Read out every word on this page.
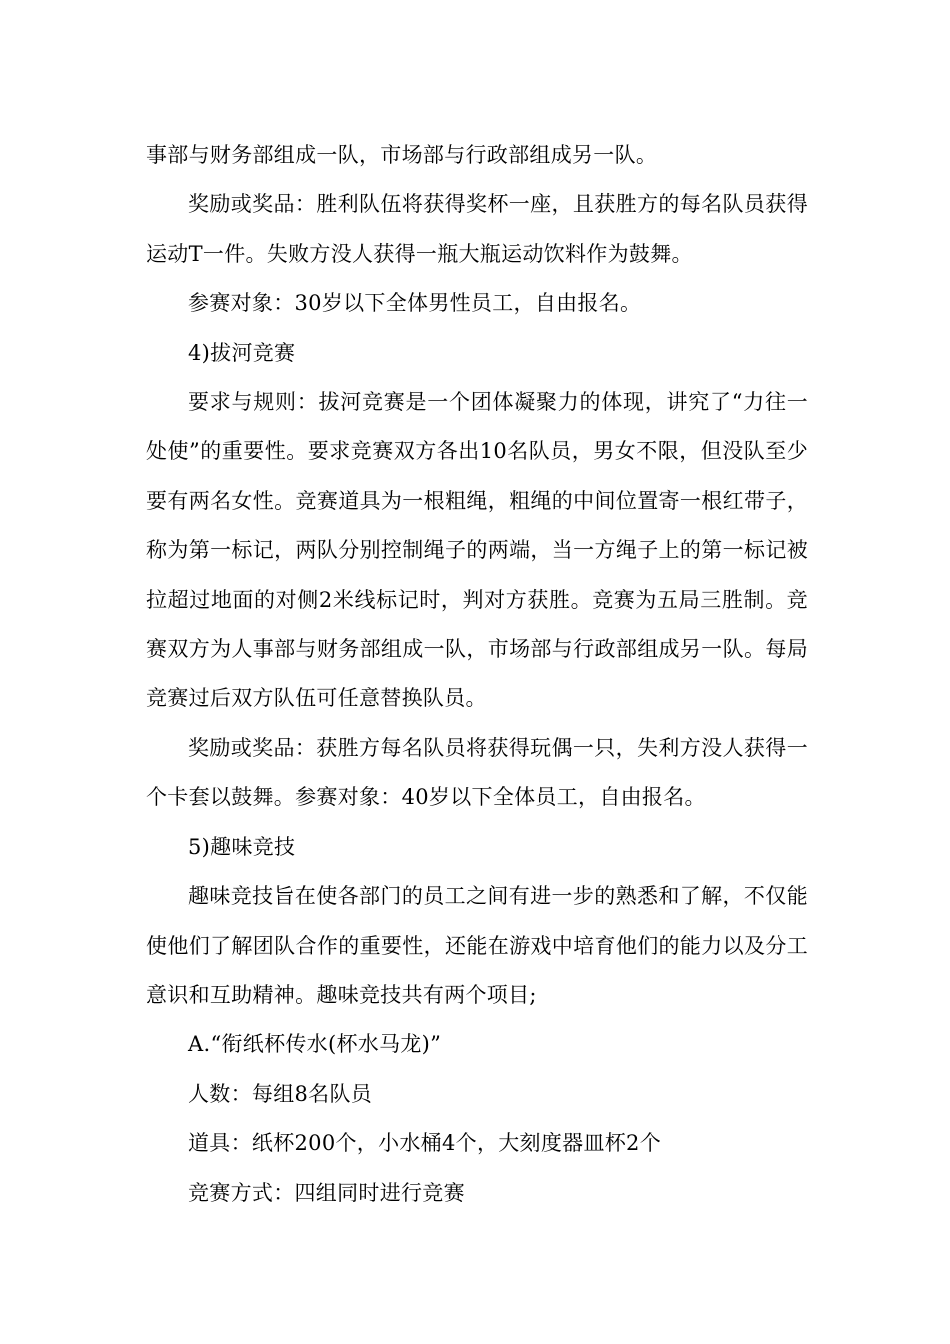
事部与财务部组成一队，市场部与行政部组成另一队。

奖励或奖品：胜利队伍将获得奖杯一座，且获胜方的每名队员获得运动T一件。失败方没人获得一瓶大瓶运动饮料作为鼓舞。

参赛对象：30岁以下全体男性员工，自由报名。

4)拔河竞赛

要求与规则：拔河竞赛是一个团体凝聚力的体现，讲究了“力往一处使”的重要性。要求竞赛双方各出10名队员，男女不限，但没队至少要有两名女性。竞赛道具为一根粗绳，粗绳的中间位置寄一根红带子，称为第一标记，两队分别控制绳子的两端，当一方绳子上的第一标记被拉超过地面的对侧2米线标记时，判对方获胜。竞赛为五局三胜制。竞赛双方为人事部与财务部组成一队，市场部与行政部组成另一队。每局竞赛过后双方队伍可任意替换队员。

奖励或奖品：获胜方每名队员将获得玩偶一只，失利方没人获得一个卡套以鼓舞。参赛对象：40岁以下全体员工，自由报名。

5)趣味竞技

趣味竞技旨在使各部门的员工之间有进一步的熟悉和了解，不仅能使他们了解团队合作的重要性，还能在游戏中培育他们的能力以及分工意识和互助精神。趣味竞技共有两个项目;

A.“衔纸杯传水(杯水马龙)”

人数：每组8名队员

道具：纸杯200个，小水桶4个，大刻度器皿杯2个

竞赛方式：四组同时进行竞赛
